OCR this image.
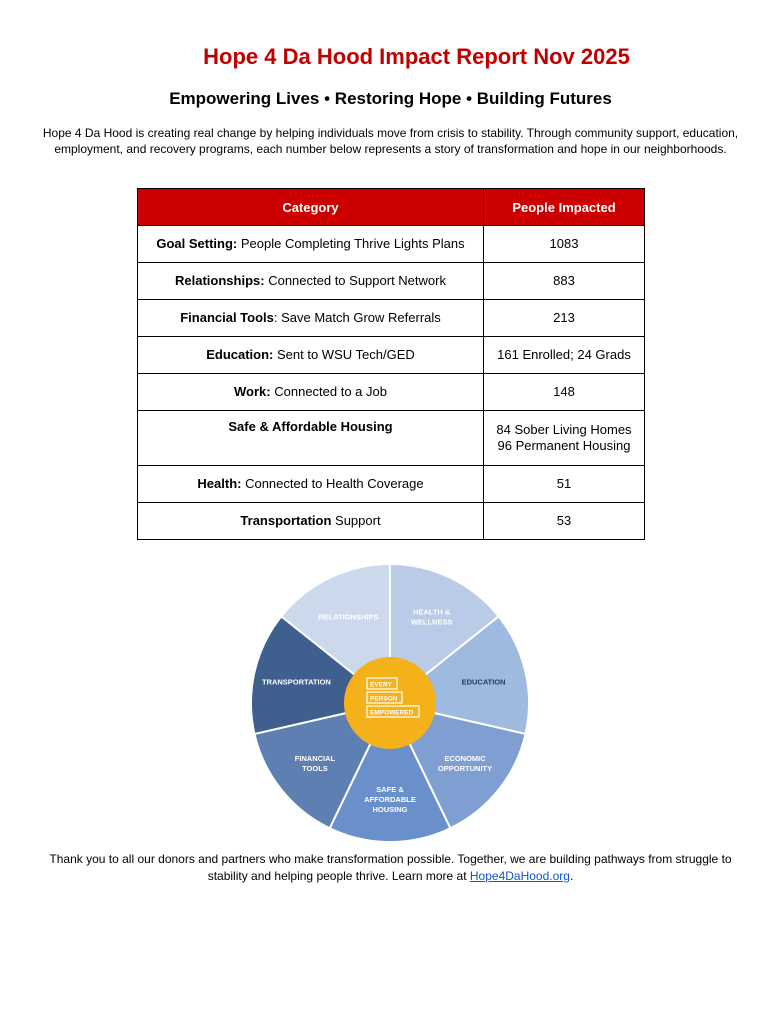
Hope 4 Da Hood Impact Report Nov 2025
Empowering Lives • Restoring Hope • Building Futures

Hope 4 Da Hood is creating real change by helping individuals move from crisis to stability. Through community support, education, employment, and recovery programs, each number below represents a story of transformation and hope in our neighborhoods.

Category	People Impacted
Goal Setting: People Completing Thrive Lights Plans	1083
Relationships: Connected to Support Network	883
Financial Tools: Save Match Grow Referrals	213
Education: Sent to WSU Tech/GED	161 Enrolled; 24 Grads
Work: Connected to a Job	148
Safe & Affordable Housing	84 Sober Living Homes
96 Permanent Housing
Health: Connected to Health Coverage	51
Transportation Support	53
HEALTH &
WELLNESS
EDUCATION
ECONOMIC
OPPORTUNITY
SAFE &
AFFORDABLE
HOUSING
FINANCIAL
TOOLS
TRANSPORTATION
RELATIONSHIPS
EVERY
PERSON
EMPOWERED

Thank you to all our donors and partners who make transformation possible. Together, we are building pathways from struggle to stability and helping people thrive. Learn more at Hope4DaHood.org.
